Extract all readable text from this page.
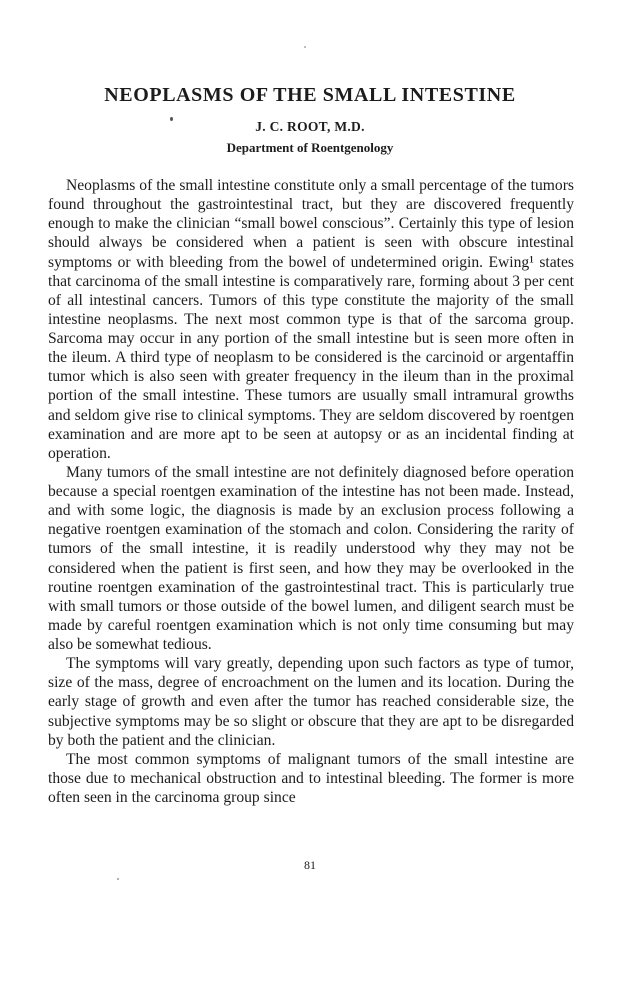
NEOPLASMS OF THE SMALL INTESTINE
J. C. ROOT, M.D.
Department of Roentgenology

Neoplasms of the small intestine constitute only a small percentage of the tumors found throughout the gastrointestinal tract, but they are discovered frequently enough to make the clinician “small bowel conscious”. Certainly this type of lesion should always be considered when a patient is seen with obscure intestinal symptoms or with bleeding from the bowel of undetermined origin. Ewing¹ states that carcinoma of the small intestine is comparatively rare, forming about 3 per cent of all intestinal cancers. Tumors of this type constitute the majority of the small intestine neoplasms. The next most common type is that of the sarcoma group. Sarcoma may occur in any portion of the small intestine but is seen more often in the ileum. A third type of neoplasm to be considered is the carcinoid or argentaffin tumor which is also seen with greater frequency in the ileum than in the proximal portion of the small intestine. These tumors are usually small intramural growths and seldom give rise to clinical symptoms. They are seldom discovered by roentgen examination and are more apt to be seen at autopsy or as an incidental finding at operation.

Many tumors of the small intestine are not definitely diagnosed before operation because a special roentgen examination of the intestine has not been made. Instead, and with some logic, the diagnosis is made by an exclusion process following a negative roentgen examination of the stomach and colon. Considering the rarity of tumors of the small intestine, it is readily understood why they may not be considered when the patient is first seen, and how they may be overlooked in the routine roentgen examination of the gastrointestinal tract. This is particularly true with small tumors or those outside of the bowel lumen, and diligent search must be made by careful roentgen examination which is not only time consuming but may also be somewhat tedious.

The symptoms will vary greatly, depending upon such factors as type of tumor, size of the mass, degree of encroachment on the lumen and its location. During the early stage of growth and even after the tumor has reached considerable size, the subjective symptoms may be so slight or obscure that they are apt to be disregarded by both the patient and the clinician.

The most common symptoms of malignant tumors of the small intestine are those due to mechanical obstruction and to intestinal bleeding. The former is more often seen in the carcinoma group since

81
